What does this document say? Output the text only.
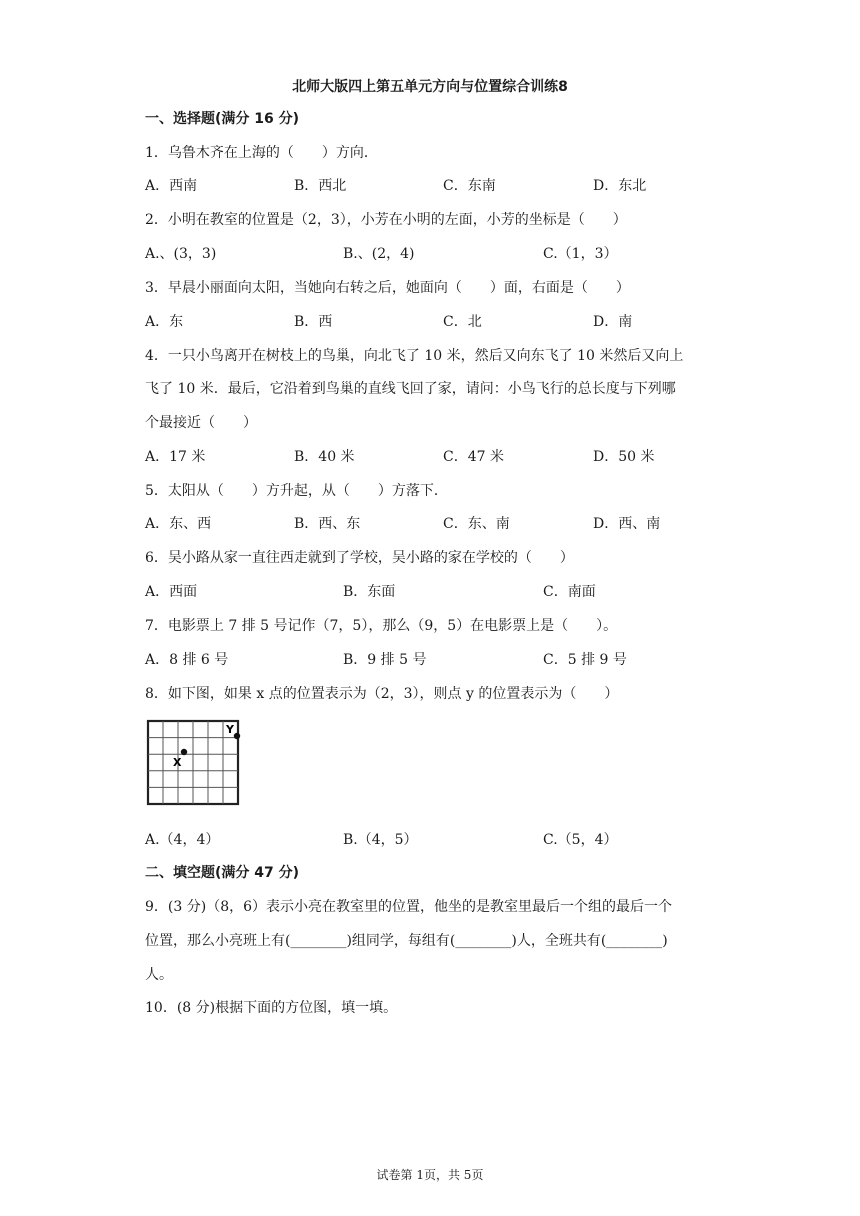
北师大版四上第五单元方向与位置综合训练8
一、选择题(满分 16 分)
1．乌鲁木齐在上海的（　　）方向．
A．西南	B．西北	C．东南	D．东北
2．小明在教室的位置是（2，3），小芳在小明的左面，小芳的坐标是（　　）
A.、(3，3)	B.、(2，4)	C.（1，3）
3．早晨小丽面向太阳，当她向右转之后，她面向（　　）面，右面是（　　）
A．东	B．西	C．北	D．南
4．一只小鸟离开在树枝上的鸟巢，向北飞了 10 米，然后又向东飞了 10 米然后又向上
飞了 10 米．最后，它沿着到鸟巢的直线飞回了家，请问：小鸟飞行的总长度与下列哪
个最接近（　　）
A．17 米	B．40 米	C．47 米	D．50 米
5．太阳从（　　）方升起，从（　　）方落下．
A．东、西	B．西、东	C．东、南	D．西、南
6．吴小路从家一直往西走就到了学校，吴小路的家在学校的（　　）
A．西面	B．东面	C．南面
7．电影票上 7 排 5 号记作（7，5），那么（9，5）在电影票上是（　　）。
A．8 排 6 号	B．9 排 5 号	C．5 排 9 号
8．如下图，如果 x 点的位置表示为（2，3），则点 y 的位置表示为（　　）
X
Y
A.（4，4）	B.（4，5）	C.（5，4）
二、填空题(满分 47 分)
9．(3 分)（8，6）表示小亮在教室里的位置，他坐的是教室里最后一个组的最后一个
位置，那么小亮班上有(________)组同学，每组有(________)人，全班共有(________)
人。
10．(8 分)根据下面的方位图，填一填。
试卷第 1页，共 5页
